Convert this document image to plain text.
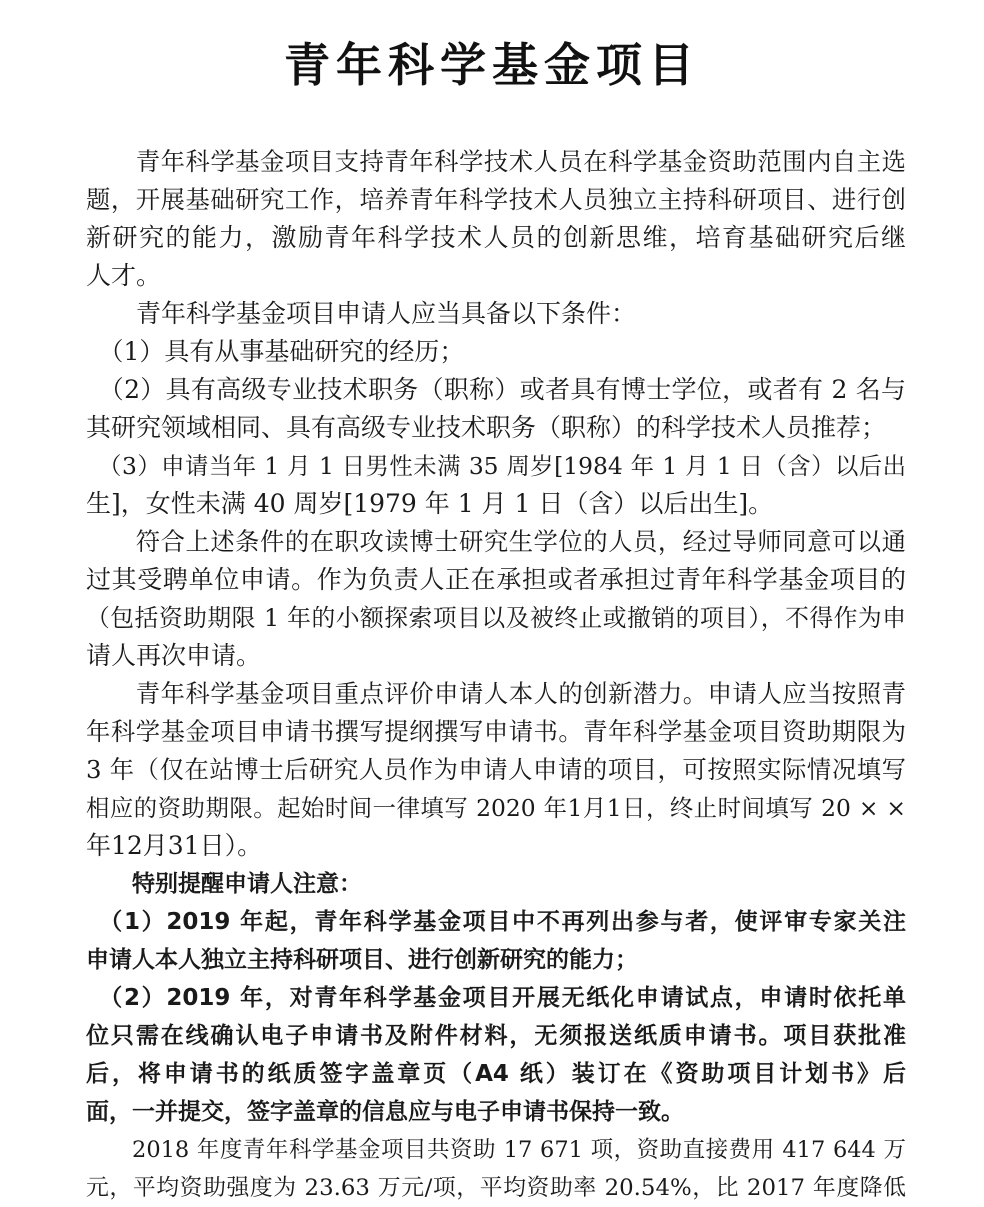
青年科学基金项目
　　青年科学基金项目支持青年科学技术人员在科学基金资助范围内自主选
题，开展基础研究工作，培养青年科学技术人员独立主持科研项目、进行创
新研究的能力，激励青年科学技术人员的创新思维，培育基础研究后继
人才。
　　青年科学基金项目申请人应当具备以下条件：
　（1）具有从事基础研究的经历；
　（2）具有高级专业技术职务（职称）或者具有博士学位，或者有 2 名与
其研究领域相同、具有高级专业技术职务（职称）的科学技术人员推荐；
　（3）申请当年 1 月 1 日男性未满 35 周岁[1984 年 1 月 1 日（含）以后出
生]，女性未满 40 周岁[1979 年 1 月 1 日（含）以后出生]。
　　符合上述条件的在职攻读博士研究生学位的人员，经过导师同意可以通
过其受聘单位申请。作为负责人正在承担或者承担过青年科学基金项目的
（包括资助期限 1 年的小额探索项目以及被终止或撤销的项目），不得作为申
请人再次申请。
　　青年科学基金项目重点评价申请人本人的创新潜力。申请人应当按照青
年科学基金项目申请书撰写提纲撰写申请书。青年科学基金项目资助期限为
3 年（仅在站博士后研究人员作为申请人申请的项目，可按照实际情况填写
相应的资助期限。起始时间一律填写 2020 年1月1日，终止时间填写 20 × ×
年12月31日）。
　　特别提醒申请人注意：
　（1）2019 年起，青年科学基金项目中不再列出参与者，使评审专家关注
申请人本人独立主持科研项目、进行创新研究的能力；
　（2）2019 年，对青年科学基金项目开展无纸化申请试点，申请时依托单
位只需在线确认电子申请书及附件材料，无须报送纸质申请书。项目获批准
后，将申请书的纸质签字盖章页（A4 纸）装订在《资助项目计划书》后
面，一并提交，签字盖章的信息应与电子申请书保持一致。
　　2018 年度青年科学基金项目共资助 17 671 项，资助直接费用 417 644 万
元，平均资助强度为 23.63 万元/项，平均资助率 20.54%，比 2017 年度降低
